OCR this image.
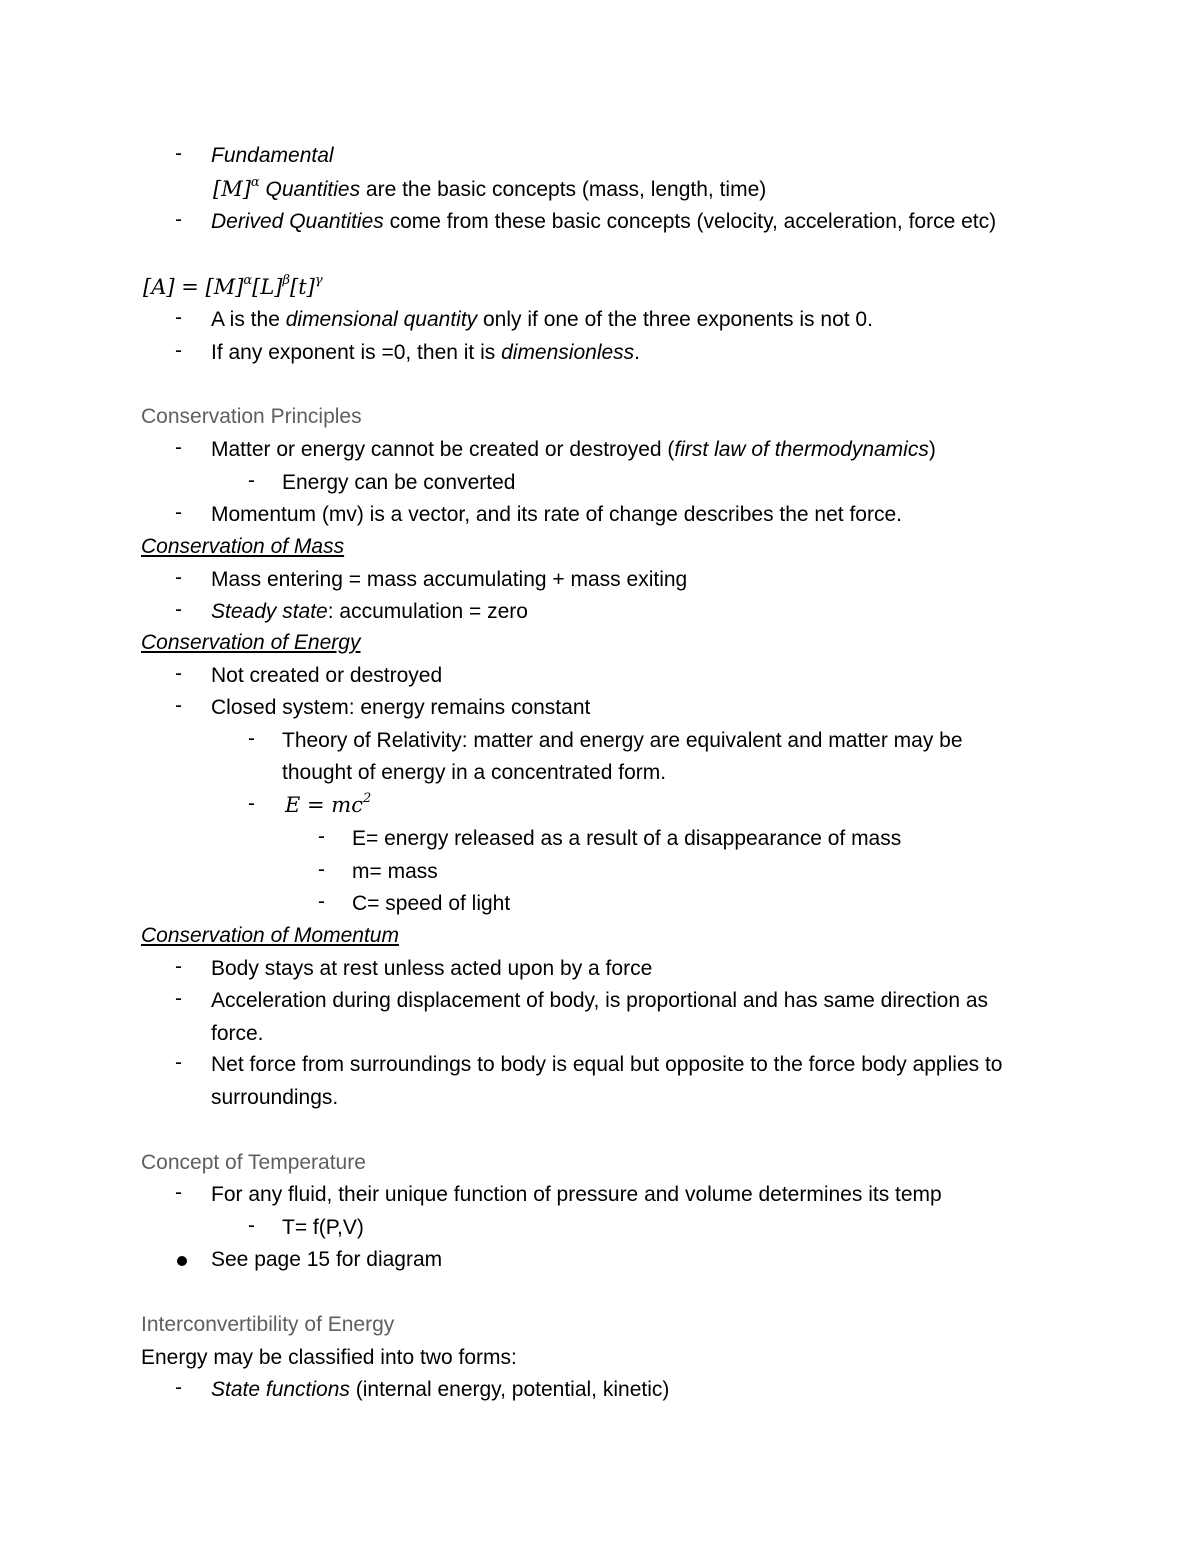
-	Fundamental
$[M]^\alpha$ Quantities are the basic concepts (mass, length, time)
-	Derived Quantities come from these basic concepts (velocity, acceleration, force etc)
$[A] = [M]^\alpha[L]^\beta[t]^\gamma$
-	A is the dimensional quantity only if one of the three exponents is not 0.
-	If any exponent is =0, then it is dimensionless.
Conservation Principles
-	Matter or energy cannot be created or destroyed (first law of thermodynamics)
-	Energy can be converted
-	Momentum (mv) is a vector, and its rate of change describes the net force.
Conservation of Mass
-	Mass entering = mass accumulating + mass exiting
-	Steady state: accumulation = zero
Conservation of Energy
-	Not created or destroyed
-	Closed system: energy remains constant
-	Theory of Relativity: matter and energy are equivalent and matter may be
thought of energy in a concentrated form.
-	$E = mc^2$
-	E= energy released as a result of a disappearance of mass
-	m= mass
-	C= speed of light
Conservation of Momentum
-	Body stays at rest unless acted upon by a force
-	Acceleration during displacement of body, is proportional and has same direction as
force.
-	Net force from surroundings to body is equal but opposite to the force body applies to
surroundings.
Concept of Temperature
-	For any fluid, their unique function of pressure and volume determines its temp
-	T= f(P,V)
See page 15 for diagram
Interconvertibility of Energy
Energy may be classified into two forms:
-	State functions (internal energy, potential, kinetic)
